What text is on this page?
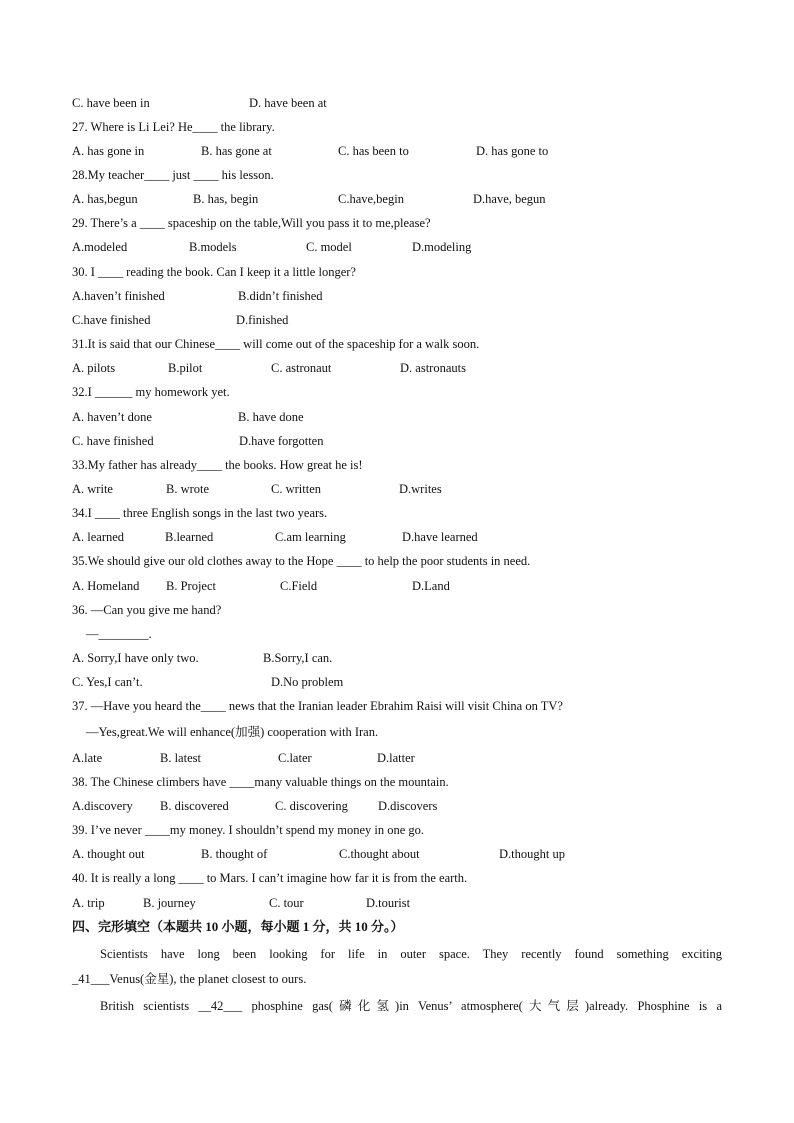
C. have been in	D. have been at
27. Where is Li Lei? He____ the library.
A. has gone in	B. has gone at	C. has been to	D. has gone to
28.My teacher____ just ____ his lesson.
A. has,begun	B. has, begin	C.have,begin	D.have, begun
29. There’s a ____ spaceship on the table,Will you pass it to me,please?
A.modeled	B.models	C. model	D.modeling
30. I ____ reading the book. Can I keep it a little longer?
A.haven’t finished	B.didn’t finished
C.have finished	D.finished
31.It is said that our Chinese____ will come out of the spaceship for a walk soon.
A. pilots	B.pilot	C. astronaut	D. astronauts
32.I ______ my homework yet.
A. haven’t done	B. have done
C. have finished	D.have forgotten
33.My father has already____ the books. How great he is!
A. write	B. wrote	C. written	D.writes
34.I ____ three English songs in the last two years.
A. learned	B.learned	C.am learning	D.have learned
35.We should give our old clothes away to the Hope ____ to help the poor students in need.
A. Homeland B. Project	C.Field	D.Land
36. —Can you give me hand?
—________.
A. Sorry,I have only two.	B.Sorry,I can.
C. Yes,I can’t.	D.No problem
37. —Have you heard the____ news that the Iranian leader Ebrahim Raisi will visit China on TV?
—Yes,great.We will enhance(加强) cooperation with Iran.
A.late	B. latest	C.later	D.latter
38. The Chinese climbers have ____many valuable things on the mountain.
A.discovery B. discovered	C. discovering D.discovers
39. I’ve never ____my money. I shouldn’t spend my money in one go.
A. thought out	B. thought of	C.thought about	D.thought up
40. It is really a long ____ to Mars. I can’t imagine how far it is from the earth.
A. trip	B. journey	C. tour	D.tourist
四、完形填空（本题共 10 小题，每小题 1 分，共 10 分。）
Scientists have long been looking for life in outer space. They recently found something exciting
_41___Venus(金星), the planet closest to ours.
British scientists __42___ phosphine gas(磷化氢)in Venus’ atmosphere(大气层)already. Phosphine is a
